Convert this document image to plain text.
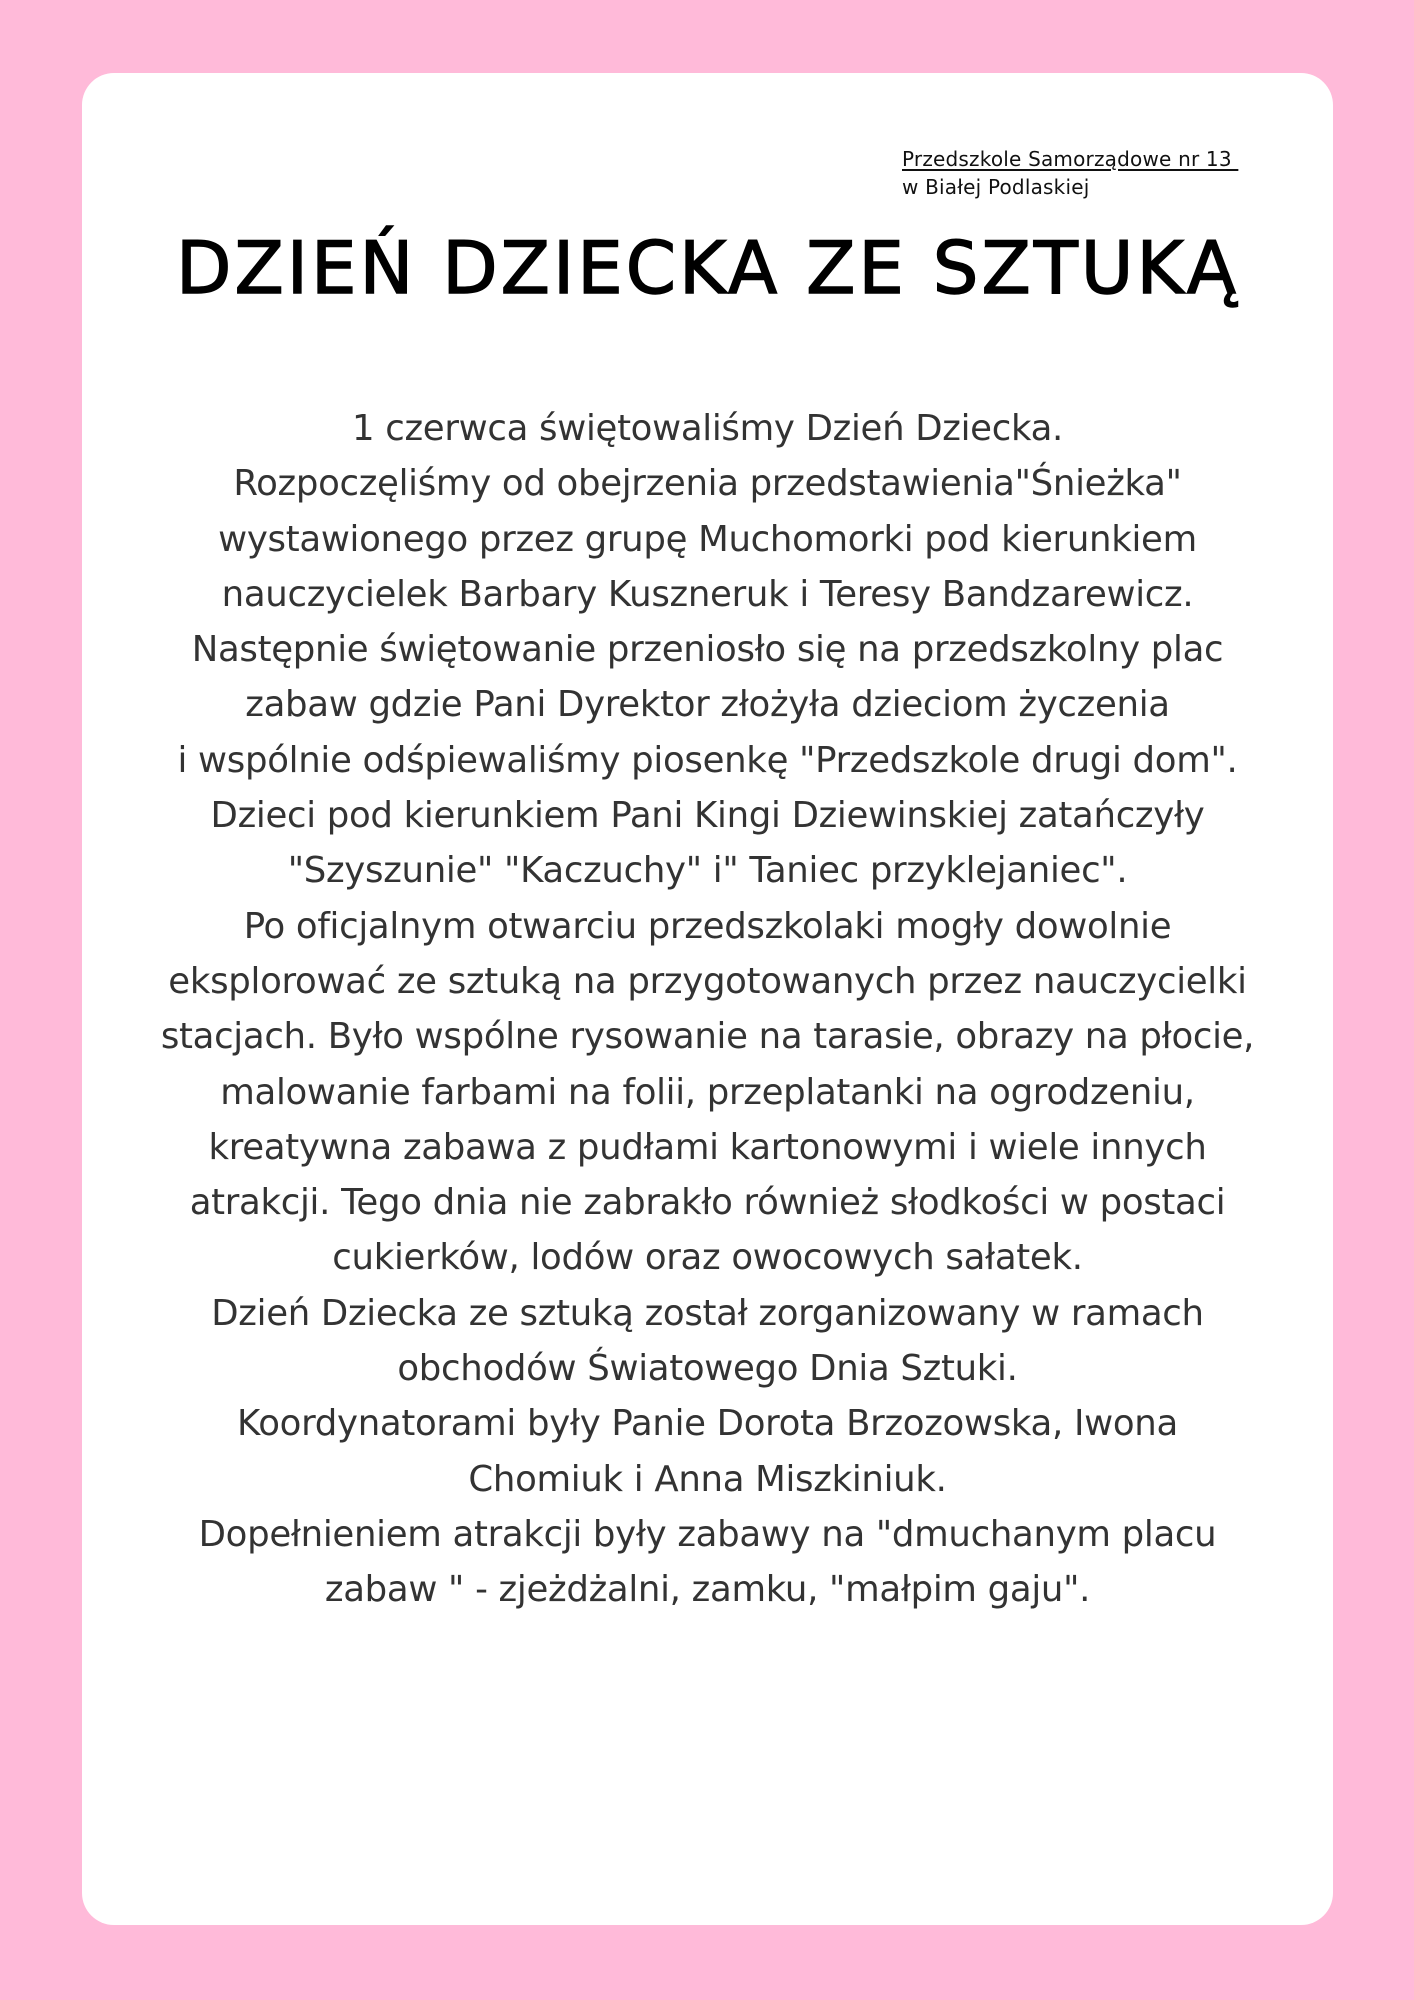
Przedszkole Samorządowe nr 13
w Białej Podlaskiej
DZIEŃ DZIECKA ZE SZTUKĄ
1 czerwca świętowaliśmy Dzień Dziecka.
Rozpoczęliśmy od obejrzenia przedstawienia"Śnieżka"
wystawionego przez grupę Muchomorki pod kierunkiem
nauczycielek Barbary Kuszneruk i Teresy Bandzarewicz.
Następnie świętowanie przeniosło się na przedszkolny plac
zabaw gdzie Pani Dyrektor złożyła dzieciom życzenia
i wspólnie odśpiewaliśmy piosenkę "Przedszkole drugi dom".
Dzieci pod kierunkiem Pani Kingi Dziewinskiej zatańczyły
"Szyszunie" "Kaczuchy" i" Taniec przyklejaniec".
Po oficjalnym otwarciu przedszkolaki mogły dowolnie
eksplorować ze sztuką na przygotowanych przez nauczycielki
stacjach. Było wspólne rysowanie na tarasie, obrazy na płocie,
malowanie farbami na folii, przeplatanki na ogrodzeniu,
kreatywna zabawa z pudłami kartonowymi i wiele innych
atrakcji. Tego dnia nie zabrakło również słodkości w postaci
cukierków, lodów oraz owocowych sałatek.
Dzień Dziecka ze sztuką został zorganizowany w ramach
obchodów Światowego Dnia Sztuki.
Koordynatorami były Panie Dorota Brzozowska, Iwona
Chomiuk i Anna Miszkiniuk.
Dopełnieniem atrakcji były zabawy na "dmuchanym placu
zabaw " - zjeżdżalni, zamku, "małpim gaju".
